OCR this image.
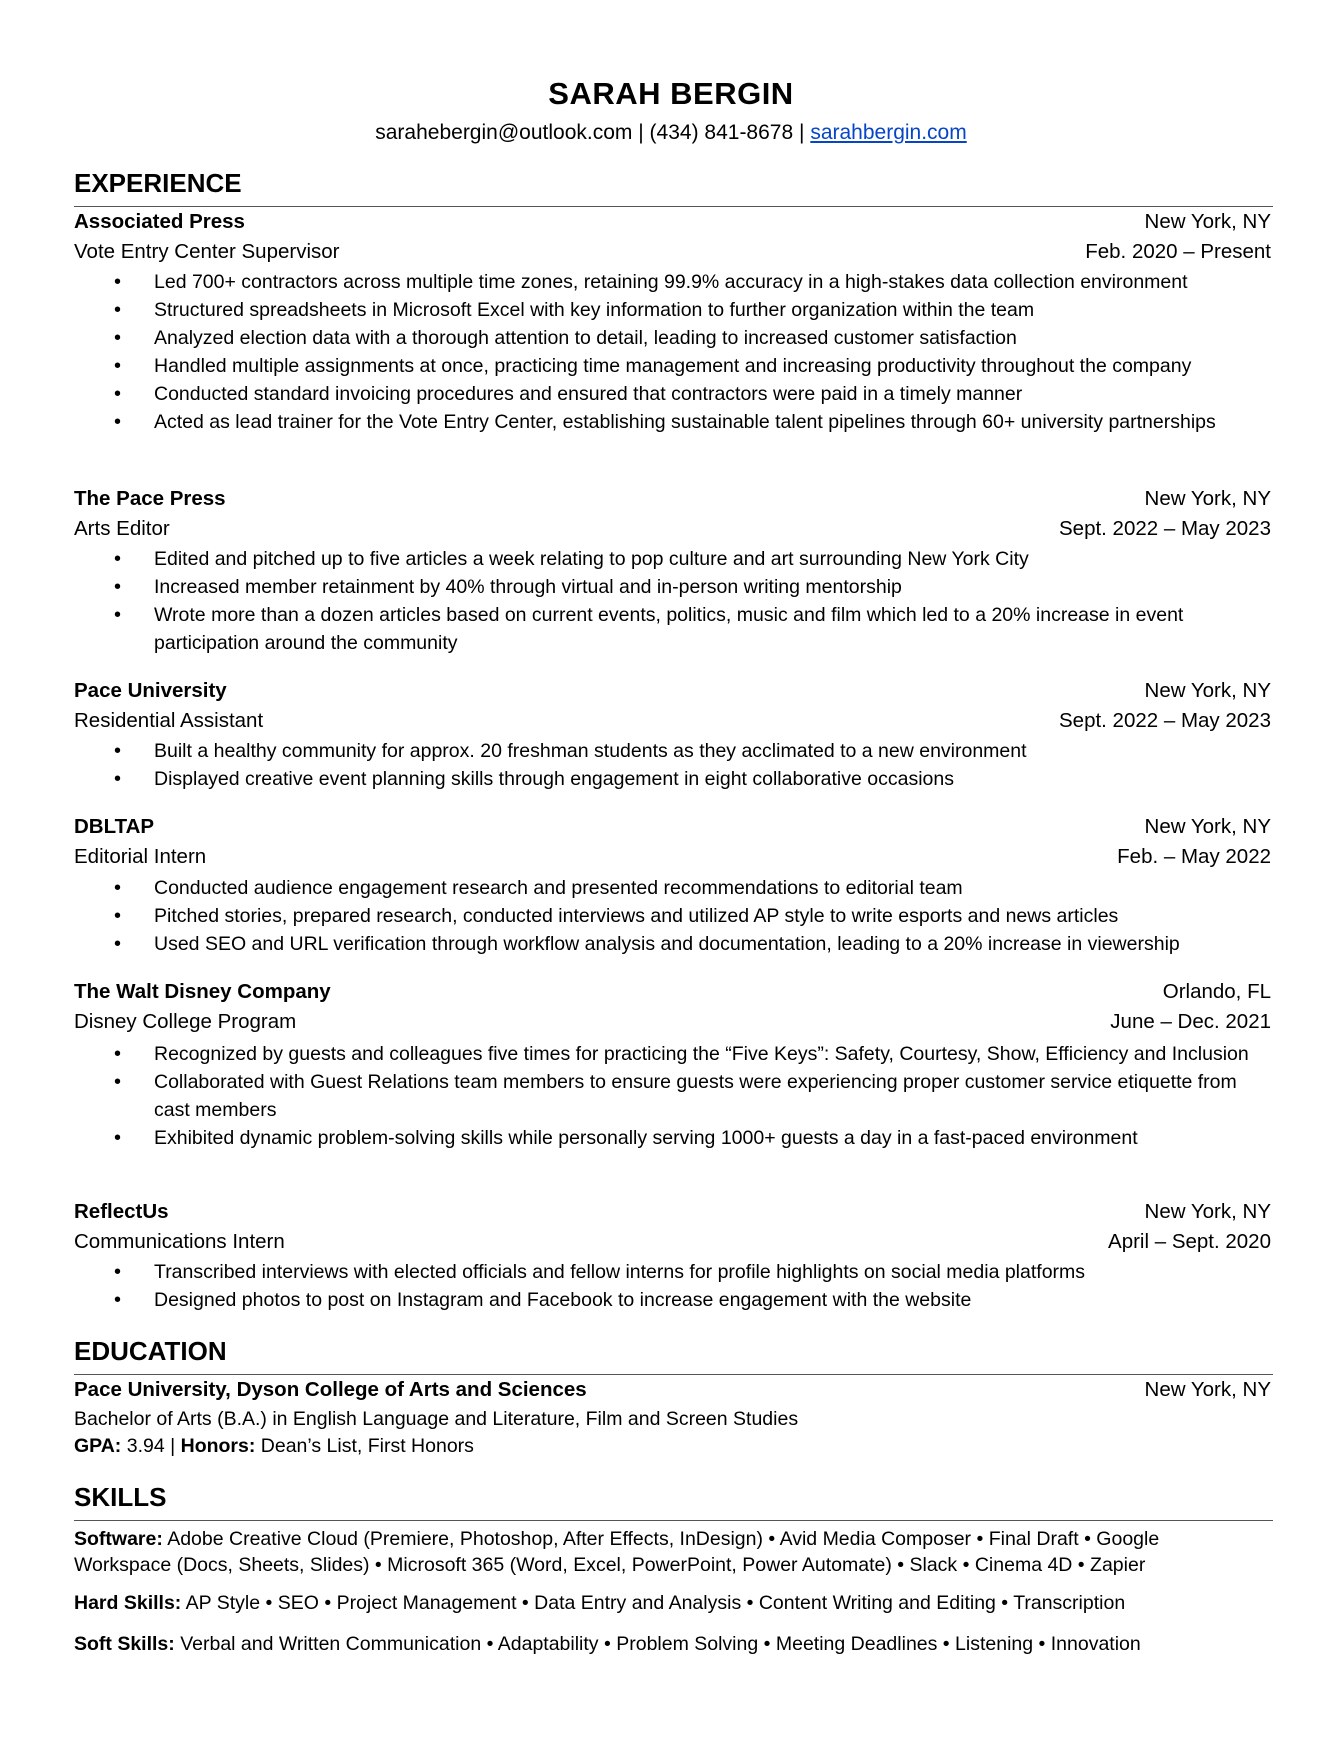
SARAH BERGIN
sarahebergin@outlook.com | (434) 841-8678 | sarahbergin.com
EXPERIENCE
Associated Press	New York, NY
Vote Entry Center Supervisor	Feb. 2020 – Present
• Led 700+ contractors across multiple time zones, retaining 99.9% accuracy in a high-stakes data collection environment
• Structured spreadsheets in Microsoft Excel with key information to further organization within the team
• Analyzed election data with a thorough attention to detail, leading to increased customer satisfaction
• Handled multiple assignments at once, practicing time management and increasing productivity throughout the company
• Conducted standard invoicing procedures and ensured that contractors were paid in a timely manner
• Acted as lead trainer for the Vote Entry Center, establishing sustainable talent pipelines through 60+ university partnerships
The Pace Press	New York, NY
Arts Editor	Sept. 2022 – May 2023
• Edited and pitched up to five articles a week relating to pop culture and art surrounding New York City
• Increased member retainment by 40% through virtual and in-person writing mentorship
• Wrote more than a dozen articles based on current events, politics, music and film which led to a 20% increase in event participation around the community
Pace University	New York, NY
Residential Assistant	Sept. 2022 – May 2023
• Built a healthy community for approx. 20 freshman students as they acclimated to a new environment
• Displayed creative event planning skills through engagement in eight collaborative occasions
DBLTAP	New York, NY
Editorial Intern	Feb. – May 2022
• Conducted audience engagement research and presented recommendations to editorial team
• Pitched stories, prepared research, conducted interviews and utilized AP style to write esports and news articles
• Used SEO and URL verification through workflow analysis and documentation, leading to a 20% increase in viewership
The Walt Disney Company	Orlando, FL
Disney College Program	June – Dec. 2021
• Recognized by guests and colleagues five times for practicing the “Five Keys”: Safety, Courtesy, Show, Efficiency and Inclusion
• Collaborated with Guest Relations team members to ensure guests were experiencing proper customer service etiquette from cast members
• Exhibited dynamic problem-solving skills while personally serving 1000+ guests a day in a fast-paced environment
ReflectUs	New York, NY
Communications Intern	April – Sept. 2020
• Transcribed interviews with elected officials and fellow interns for profile highlights on social media platforms
• Designed photos to post on Instagram and Facebook to increase engagement with the website
EDUCATION
Pace University, Dyson College of Arts and Sciences	New York, NY
Bachelor of Arts (B.A.) in English Language and Literature, Film and Screen Studies
GPA: 3.94 | Honors: Dean’s List, First Honors
SKILLS
Software: Adobe Creative Cloud (Premiere, Photoshop, After Effects, InDesign) • Avid Media Composer • Final Draft • Google Workspace (Docs, Sheets, Slides) • Microsoft 365 (Word, Excel, PowerPoint, Power Automate) • Slack • Cinema 4D • Zapier
Hard Skills: AP Style • SEO • Project Management • Data Entry and Analysis • Content Writing and Editing • Transcription
Soft Skills: Verbal and Written Communication • Adaptability • Problem Solving • Meeting Deadlines • Listening • Innovation
